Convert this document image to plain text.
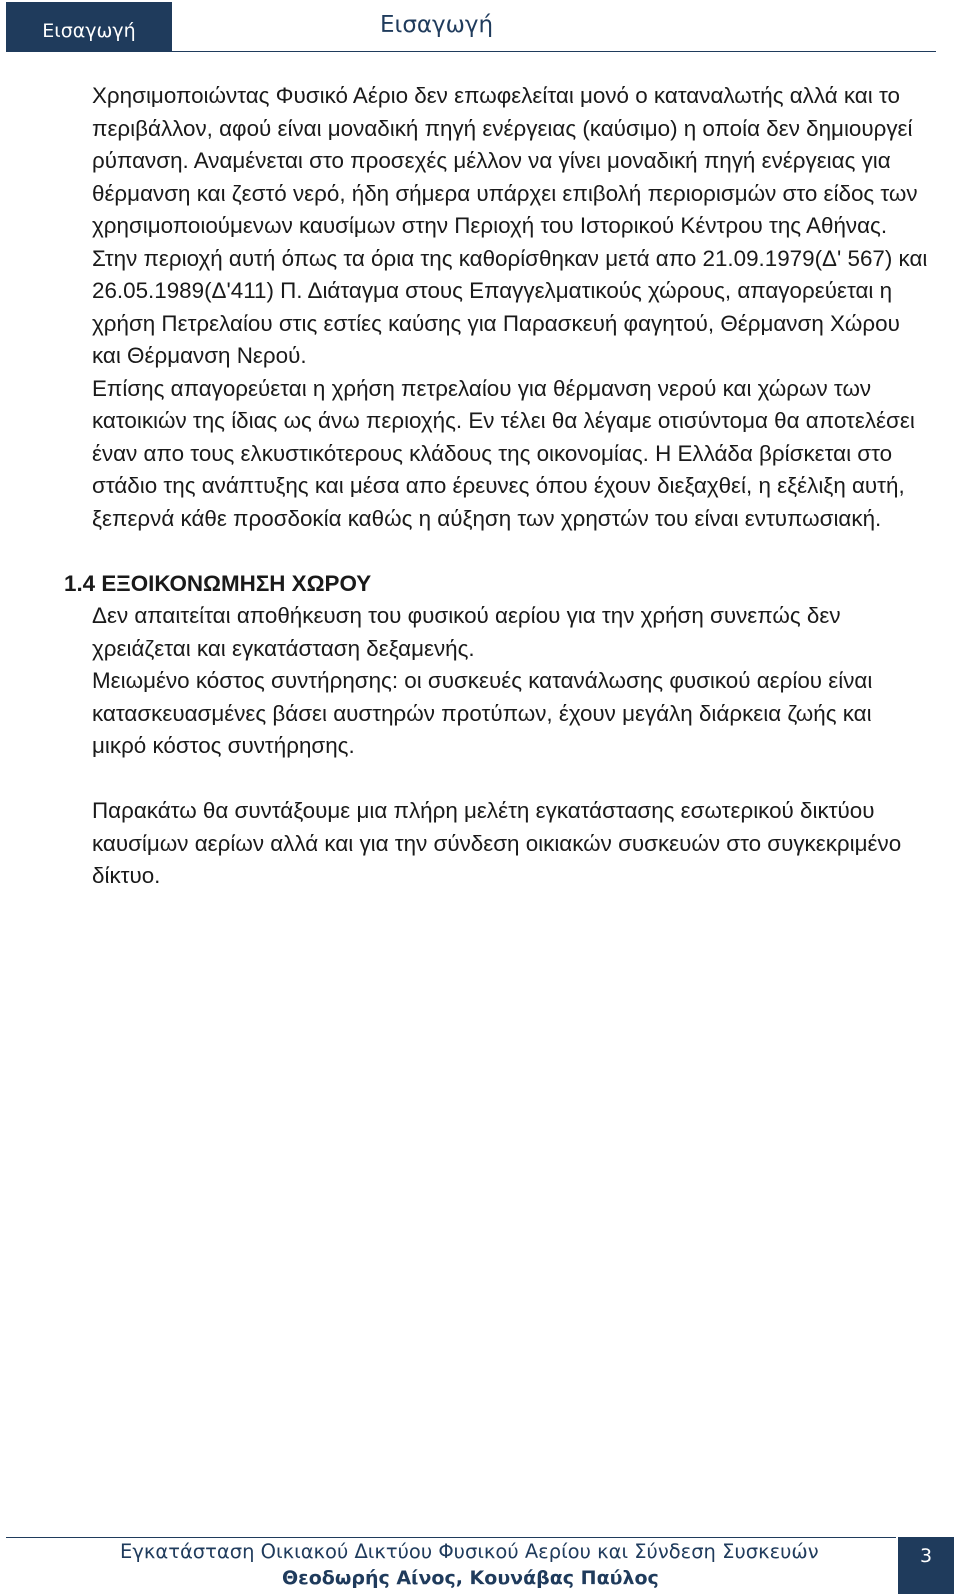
Εισαγωγή	Εισαγωγή

Χρησιμοποιώντας Φυσικό Αέριο δεν επωφελείται μονό ο καταναλωτής αλλά και το περιβάλλον, αφού είναι μοναδική πηγή ενέργειας (καύσιμο) η οποία δεν δημιουργεί ρύπανση. Αναμένεται στο προσεχές μέλλον να γίνει μοναδική πηγή ενέργειας για θέρμανση και ζεστό νερό, ήδη σήμερα υπάρχει επιβολή περιορισμών στο είδος των χρησιμοποιούμενων καυσίμων στην Περιοχή του Ιστορικού Κέντρου της Αθήνας. Στην περιοχή αυτή όπως τα όρια της καθορίσθηκαν μετά απο 21.09.1979(Δ' 567) και 26.05.1989(Δ'411) Π. Διάταγμα στους Επαγγελματικούς χώρους, απαγορεύεται η χρήση Πετρελαίου στις εστίες καύσης για Παρασκευή φαγητού, Θέρμανση Χώρου και Θέρμανση Νερού.

Επίσης απαγορεύεται η χρήση πετρελαίου για θέρμανση νερού και χώρων των κατοικιών της ίδιας ως άνω περιοχής. Εν τέλει θα λέγαμε οτισύντομα θα αποτελέσει έναν απο τους ελκυστικότερους κλάδους της οικονομίας. Η Ελλάδα βρίσκεται στο στάδιο της ανάπτυξης και μέσα απο έρευνες όπου έχουν διεξαχθεί, η εξέλιξη αυτή, ξεπερνά κάθε προσδοκία καθώς η αύξηση των χρηστών του είναι εντυπωσιακή.

1.4 ΕΞΟΙΚΟΝΩΜΗΣΗ ΧΩΡΟΥ

Δεν απαιτείται αποθήκευση του φυσικού αερίου για την χρήση συνεπώς δεν χρειάζεται και εγκατάσταση δεξαμενής.

Μειωμένο κόστος συντήρησης: οι συσκευές κατανάλωσης φυσικού αερίου είναι κατασκευασμένες βάσει αυστηρών προτύπων, έχουν μεγάλη διάρκεια ζωής και μικρό κόστος συντήρησης.

Παρακάτω θα συντάξουμε μια πλήρη μελέτη εγκατάστασης εσωτερικού δικτύου καυσίμων αερίων αλλά και για την σύνδεση οικιακών συσκευών στο συγκεκριμένο δίκτυο.

Εγκατάσταση Οικιακού Δικτύου Φυσικού Αερίου και Σύνδεση Συσκευών
Θεοδωρής Αίνος, Κουνάβας Παύλος
3
